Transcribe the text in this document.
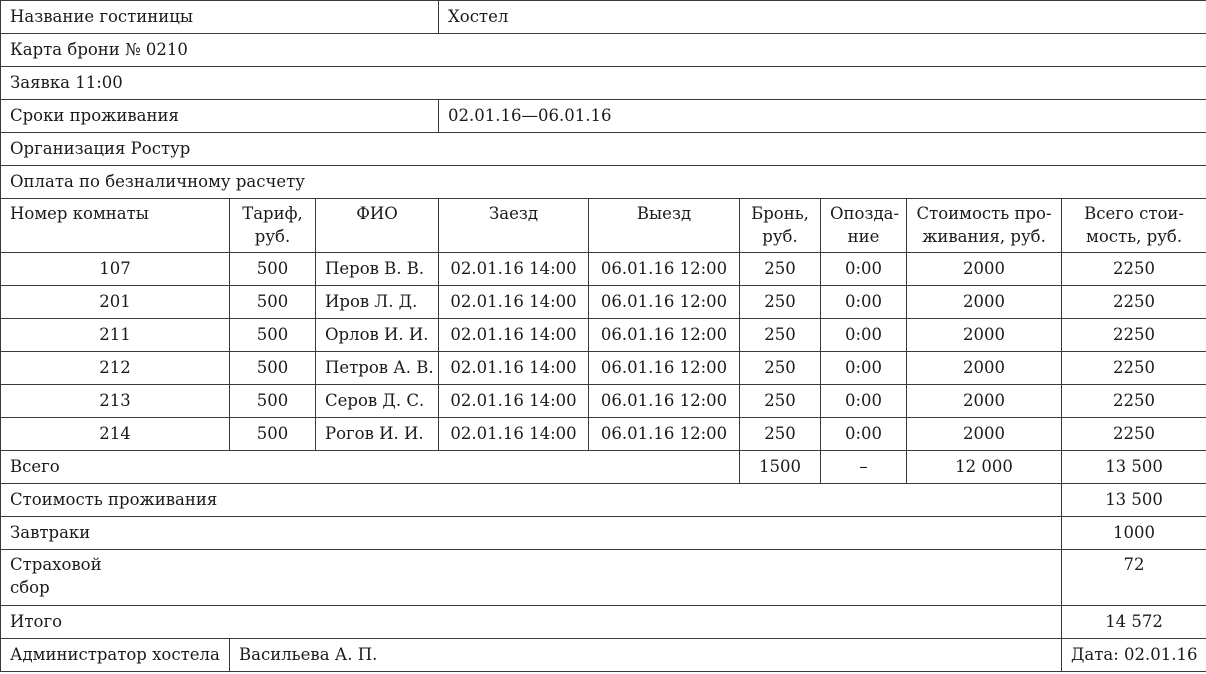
Название гостиницы			Хостел					
Карта брони № 0210								
Заявка 11:00								
Сроки проживания			02.01.16—06.01.16					
Организация Ростур								
Оплата по безналичному расчету								
Номер комнаты	Тариф, руб.	ФИО	Заезд	Выезд	Бронь, руб.	Опозда-ние	Стоимость про-живания, руб.	Всего стои-мость, руб.
107	500	Перов В. В.	02.01.16 14:00	06.01.16 12:00	250	0:00	2000	2250
201	500	Иров Л. Д.	02.01.16 14:00	06.01.16 12:00	250	0:00	2000	2250
211	500	Орлов И. И.	02.01.16 14:00	06.01.16 12:00	250	0:00	2000	2250
212	500	Петров А. В.	02.01.16 14:00	06.01.16 12:00	250	0:00	2000	2250
213	500	Серов Д. С.	02.01.16 14:00	06.01.16 12:00	250	0:00	2000	2250
214	500	Рогов И. И.	02.01.16 14:00	06.01.16 12:00	250	0:00	2000	2250
Всего					1500	–	12 000	13 500
Стоимость проживания								13 500
Завтраки								1000

Страховой сбор								72
Итого								14 572
Администратор хостела	Васильева А. П.							Дата: 02.01.16
